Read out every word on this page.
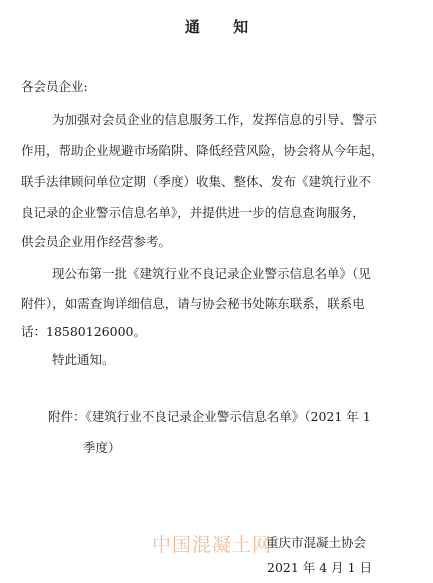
通 知
各会员企业:
为加强对会员企业的信息服务工作，发挥信息的引导、警示
作用，帮助企业规避市场陷阱、降低经营风险，协会将从今年起，
联手法律顾问单位定期（季度）收集、整体、发布《建筑行业不
良记录的企业警示信息名单》，并提供进一步的信息查询服务，
供会员企业用作经营参考。
现公布第一批《建筑行业不良记录企业警示信息名单》（见
附件），如需查询详细信息，请与协会秘书处陈东联系，联系电
话：18580126000。
特此通知。
附件：《建筑行业不良记录企业警示信息名单》（2021 年 1
季度）
中国混凝土网
重庆市混凝土协会
2021 年 4 月 1 日
